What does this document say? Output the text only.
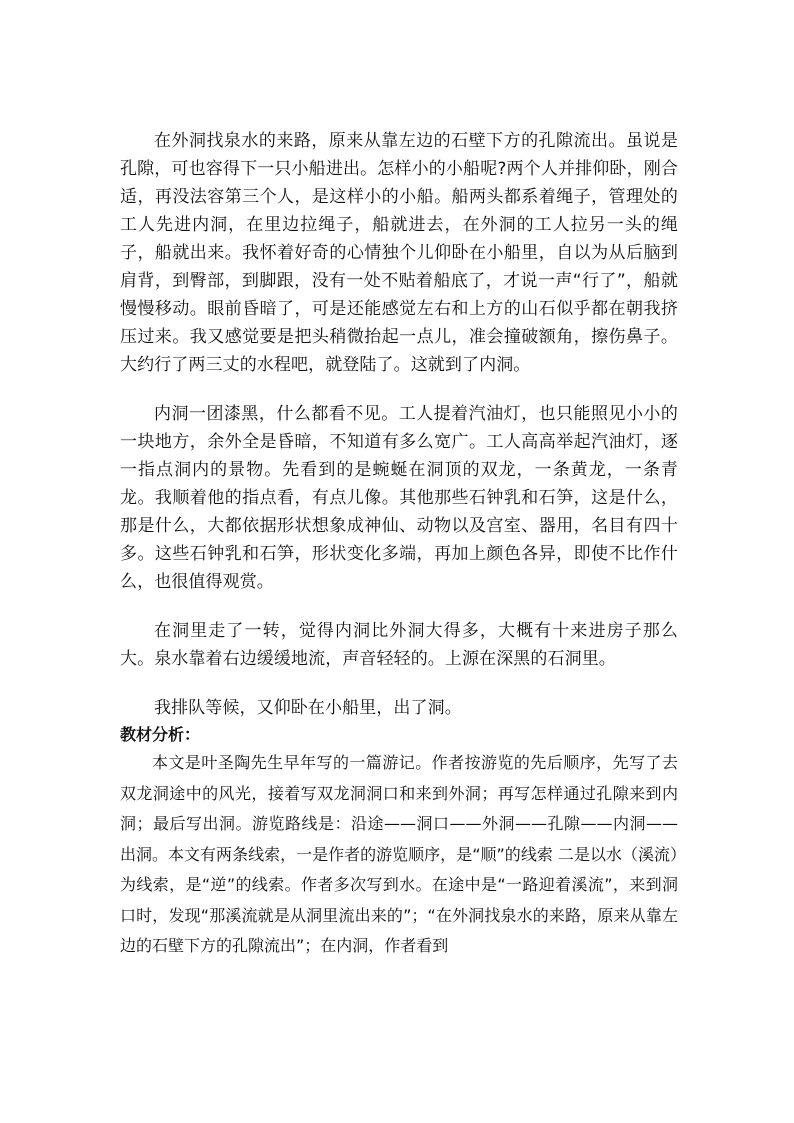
在外洞找泉水的来路，原来从靠左边的石壁下方的孔隙流出。虽说是孔隙，可也容得下一只小船进出。怎样小的小船呢?两个人并排仰卧，刚合适，再没法容第三个人，是这样小的小船。船两头都系着绳子，管理处的工人先进内洞，在里边拉绳子，船就进去，在外洞的工人拉另一头的绳子，船就出来。我怀着好奇的心情独个儿仰卧在小船里，自以为从后脑到肩背，到臀部，到脚跟，没有一处不贴着船底了，才说一声“行了”，船就慢慢移动。眼前昏暗了，可是还能感觉左右和上方的山石似乎都在朝我挤压过来。我又感觉要是把头稍微抬起一点儿，准会撞破额角，擦伤鼻子。大约行了两三丈的水程吧，就登陆了。这就到了内洞。

内洞一团漆黑，什么都看不见。工人提着汽油灯，也只能照见小小的一块地方，余外全是昏暗，不知道有多么宽广。工人高高举起汽油灯，逐一指点洞内的景物。先看到的是蜿蜒在洞顶的双龙，一条黄龙，一条青龙。我顺着他的指点看，有点儿像。其他那些石钟乳和石笋，这是什么，那是什么，大都依据形状想象成神仙、动物以及宫室、器用，名目有四十多。这些石钟乳和石笋，形状变化多端，再加上颜色各异，即使不比作什么，也很值得观赏。

在洞里走了一转，觉得内洞比外洞大得多，大概有十来进房子那么大。泉水靠着右边缓缓地流，声音轻轻的。上源在深黑的石洞里。

我排队等候，又仰卧在小船里，出了洞。

教材分析：

本文是叶圣陶先生早年写的一篇游记。作者按游览的先后顺序，先写了去双龙洞途中的风光，接着写双龙洞洞口和来到外洞；再写怎样通过孔隙来到内洞；最后写出洞。游览路线是：沿途——洞口——外洞——孔隙——内洞——出洞。本文有两条线索，一是作者的游览顺序，是“顺”的线索 二是以水（溪流）为线索，是“逆”的线索。作者多次写到水。在途中是“一路迎着溪流”，来到洞口时，发现“那溪流就是从洞里流出来的”；“在外洞找泉水的来路，原来从靠左边的石壁下方的孔隙流出”；在内洞，作者看到
